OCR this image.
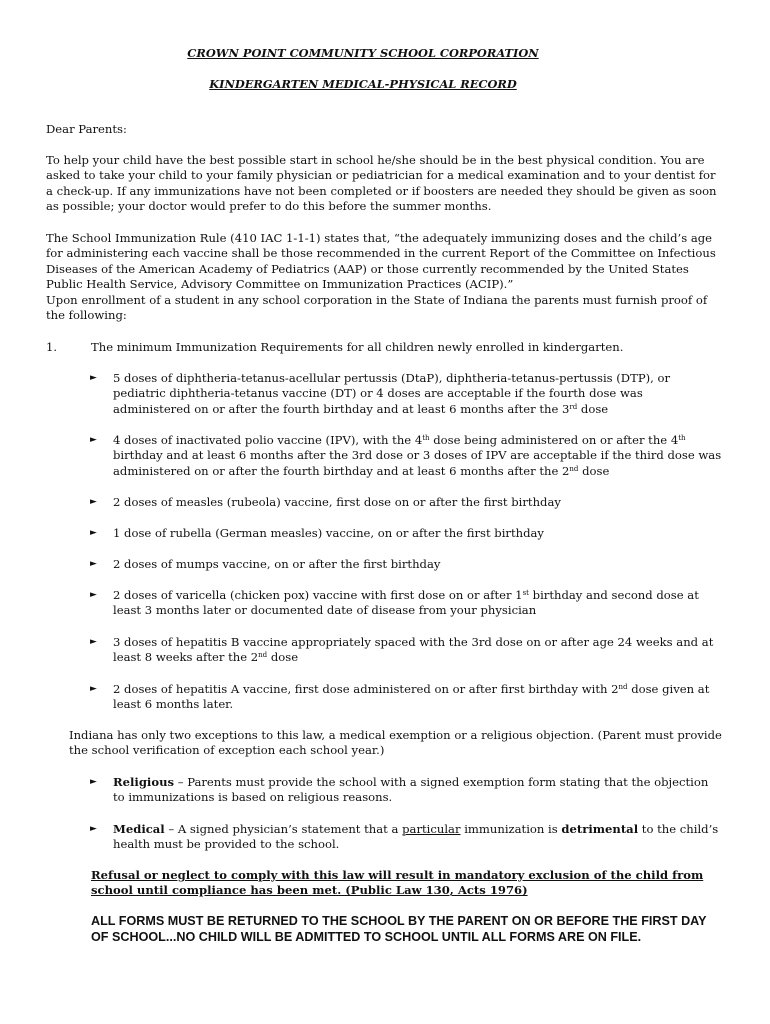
CROWN POINT COMMUNITY SCHOOL CORPORATION
KINDERGARTEN MEDICAL-PHYSICAL RECORD
Dear Parents:
To help your child have the best possible start in school he/she should be in the best physical condition. You are asked to take your child to your family physician or pediatrician for a medical examination and to your dentist for a check-up. If any immunizations have not been completed or if boosters are needed they should be given as soon as possible; your doctor would prefer to do this before the summer months.
The School Immunization Rule (410 IAC 1-1-1) states that, “the adequately immunizing doses and the child’s age for administering each vaccine shall be those recommended in the current Report of the Committee on Infectious Diseases of the American Academy of Pediatrics (AAP) or those currently recommended by the United States Public Health Service, Advisory Committee on Immunization Practices (ACIP).”
Upon enrollment of a student in any school corporation in the State of Indiana the parents must furnish proof of the following:
1.	The minimum Immunization Requirements for all children newly enrolled in kindergarten.
► 5 doses of diphtheria-tetanus-acellular pertussis (DtaP), diphtheria-tetanus-pertussis (DTP), or pediatric diphtheria-tetanus vaccine (DT) or 4 doses are acceptable if the fourth dose was administered on or after the fourth birthday and at least 6 months after the 3rd dose
► 4 doses of inactivated polio vaccine (IPV), with the 4th dose being administered on or after the 4th birthday and at least 6 months after the 3rd dose or 3 doses of IPV are acceptable if the third dose was administered on or after the fourth birthday and at least 6 months after the 2nd dose
► 2 doses of measles (rubeola) vaccine, first dose on or after the first birthday
► 1 dose of rubella (German measles) vaccine, on or after the first birthday
► 2 doses of mumps vaccine, on or after the first birthday
► 2 doses of varicella (chicken pox) vaccine with first dose on or after 1st birthday and second dose at least 3 months later or documented date of disease from your physician
► 3 doses of hepatitis B vaccine appropriately spaced with the 3rd dose on or after age 24 weeks and at least 8 weeks after the 2nd dose
► 2 doses of hepatitis A vaccine, first dose administered on or after first birthday with 2nd dose given at least 6 months later.
Indiana has only two exceptions to this law, a medical exemption or a religious objection. (Parent must provide the school verification of exception each school year.)
► Religious – Parents must provide the school with a signed exemption form stating that the objection to immunizations is based on religious reasons.
► Medical – A signed physician’s statement that a particular immunization is detrimental to the child’s health must be provided to the school.
Refusal or neglect to comply with this law will result in mandatory exclusion of the child from school until compliance has been met. (Public Law 130, Acts 1976)
ALL FORMS MUST BE RETURNED TO THE SCHOOL BY THE PARENT ON OR BEFORE THE FIRST DAY OF SCHOOL...NO CHILD WILL BE ADMITTED TO SCHOOL UNTIL ALL FORMS ARE ON FILE.
